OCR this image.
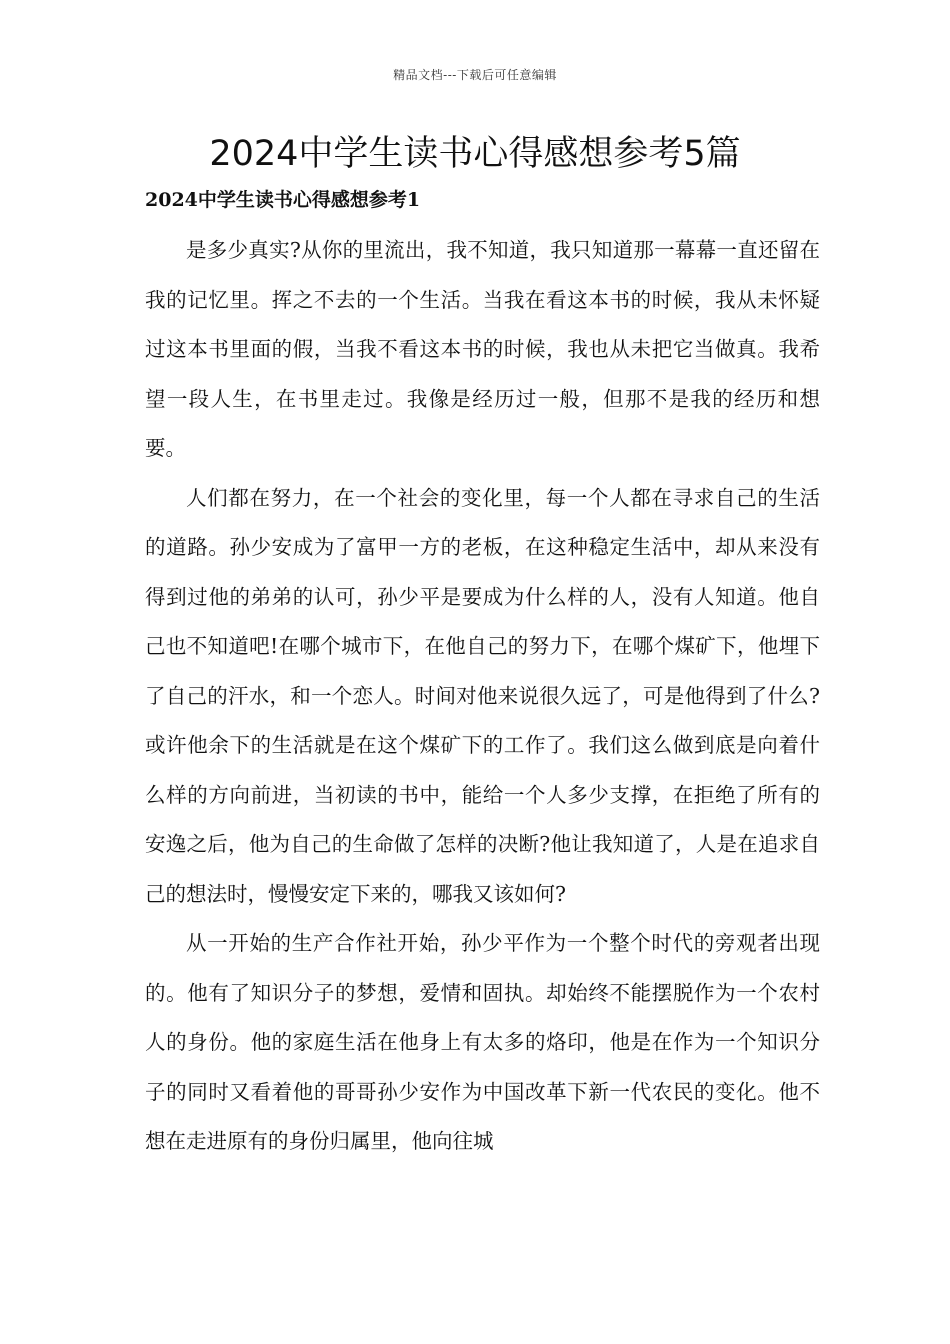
精品文档---下载后可任意编辑
2024中学生读书心得感想参考5篇
2024中学生读书心得感想参考1

是多少真实?从你的里流出，我不知道，我只知道那一幕幕一直还留在我的记忆里。挥之不去的一个生活。当我在看这本书的时候，我从未怀疑过这本书里面的假，当我不看这本书的时候，我也从未把它当做真。我希望一段人生，在书里走过。我像是经历过一般，但那不是我的经历和想要。

人们都在努力，在一个社会的变化里，每一个人都在寻求自己的生活的道路。孙少安成为了富甲一方的老板，在这种稳定生活中，却从来没有得到过他的弟弟的认可，孙少平是要成为什么样的人，没有人知道。他自己也不知道吧!在哪个城市下，在他自己的努力下，在哪个煤矿下，他埋下了自己的汗水，和一个恋人。时间对他来说很久远了，可是他得到了什么?或许他余下的生活就是在这个煤矿下的工作了。我们这么做到底是向着什么样的方向前进，当初读的书中，能给一个人多少支撑，在拒绝了所有的安逸之后，他为自己的生命做了怎样的决断?他让我知道了，人是在追求自己的想法时，慢慢安定下来的，哪我又该如何?

从一开始的生产合作社开始，孙少平作为一个整个时代的旁观者出现的。他有了知识分子的梦想，爱情和固执。却始终不能摆脱作为一个农村人的身份。他的家庭生活在他身上有太多的烙印，他是在作为一个知识分子的同时又看着他的哥哥孙少安作为中国改革下新一代农民的变化。他不想在走进原有的身份归属里，他向往城
